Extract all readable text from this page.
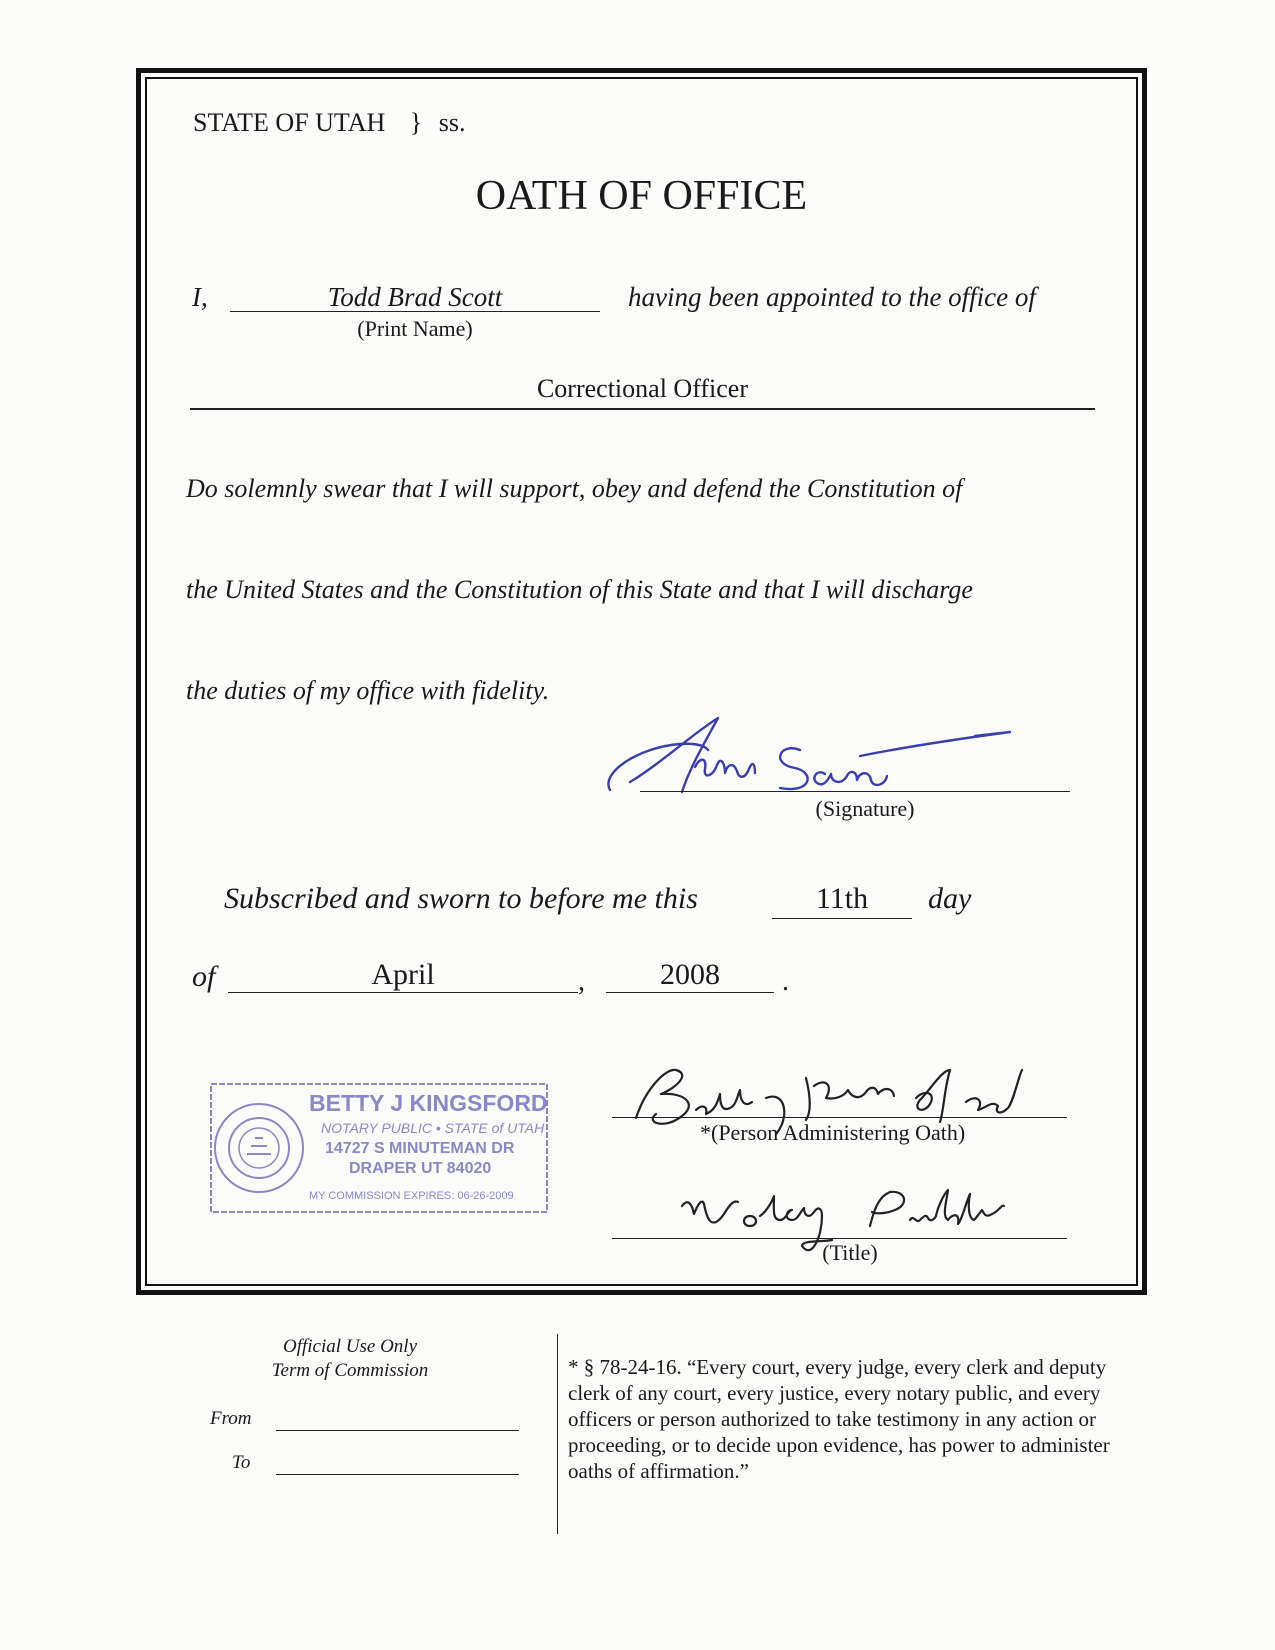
STATE OF UTAH } ss.
OATH OF OFFICE
I,	Todd Brad Scott
(Print Name)
having been appointed to the office of
Correctional Officer
Do solemnly swear that I will support, obey and defend the Constitution of
the United States and the Constitution of this State and that I will discharge
the duties of my office with fidelity.
(Signature)
Subscribed and sworn to before me this	11th	day
of	April	,	2008	.
BETTY J KINGSFORD
NOTARY PUBLIC • STATE of UTAH
14727 S MINUTEMAN DR
DRAPER UT 84020
MY COMMISSION EXPIRES: 06-26-2009
*(Person Administering Oath)
(Title)
Official Use Only
Term of Commission
From
To
* § 78-24-16. “Every court, every judge, every clerk and deputy clerk of any court, every justice, every notary public, and every officers or person authorized to take testimony in any action or proceeding, or to decide upon evidence, has power to administer oaths of affirmation.”
